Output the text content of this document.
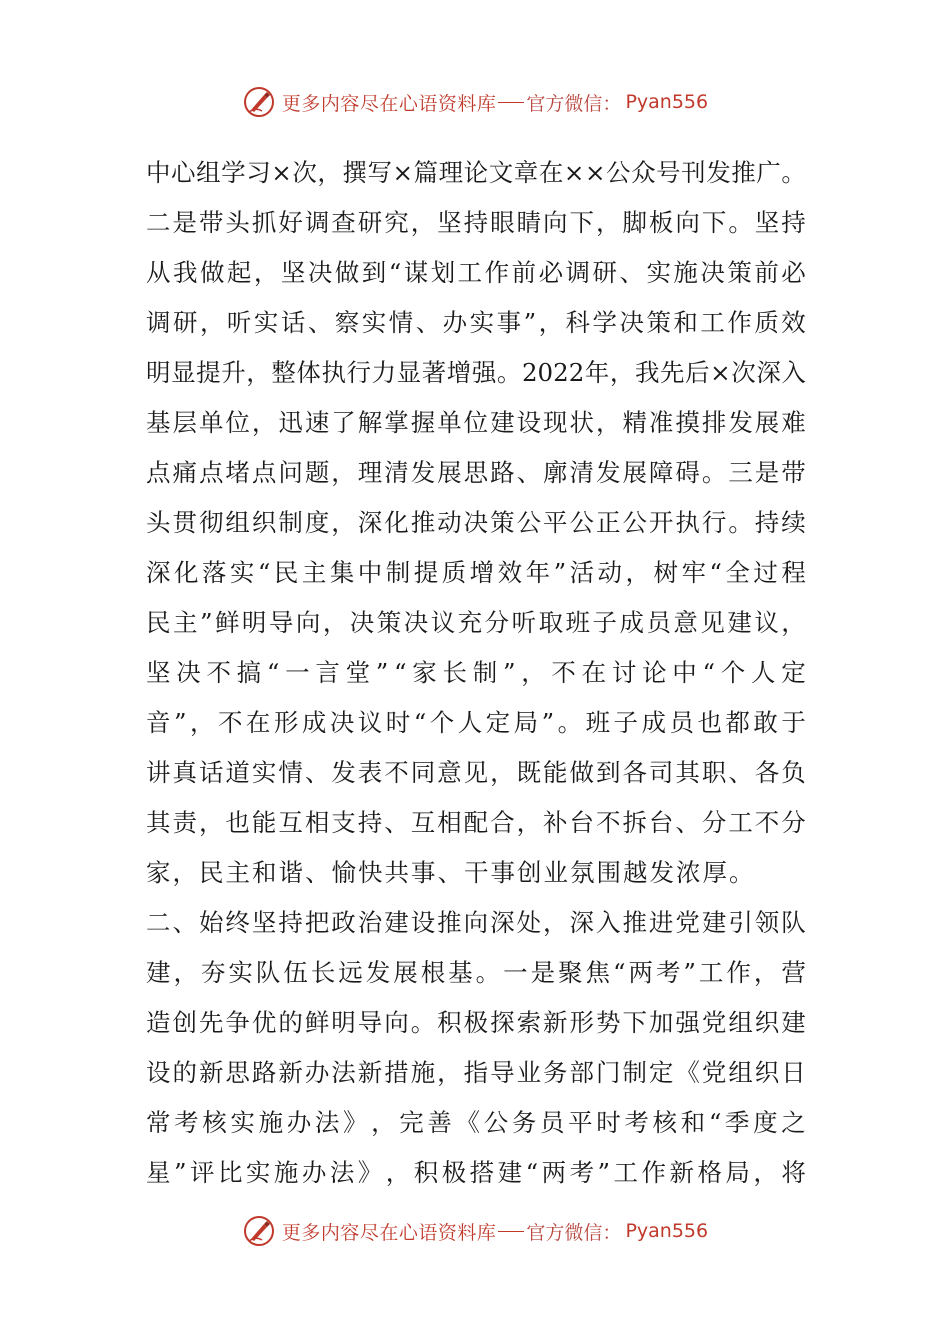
更多内容尽在心语资料库 官方微信： Pyan556
中 心 组 学 习 × 次 ， 撰 写 × 篇 理 论 文 章 在 × × 公 众 号 刊 发 推 广 。
二 是 带 头 抓 好 调 查 研 究 ， 坚 持 眼 睛 向 下 ， 脚 板 向 下 。 坚 持
从 我 做 起 ， 坚 决 做 到 “ 谋 划 工 作 前 必 调 研 、 实 施 决 策 前 必
调 研 ， 听 实 话 、 察 实 情 、 办 实 事 ” ， 科 学 决 策 和 工 作 质 效
明 显 提 升 ， 整 体 执 行 力 显 著 增 强 。 2022 年 ， 我 先 后 × 次 深 入
基 层 单 位 ， 迅 速 了 解 掌 握 单 位 建 设 现 状 ， 精 准 摸 排 发 展 难
点 痛 点 堵 点 问 题 ， 理 清 发 展 思 路 、 廓 清 发 展 障 碍 。 三 是 带
头 贯 彻 组 织 制 度 ， 深 化 推 动 决 策 公 平 公 正 公 开 执 行 。 持 续
深 化 落 实 “ 民 主 集 中 制 提 质 增 效 年 ” 活 动 ， 树 牢 “ 全 过 程
民 主 ” 鲜 明 导 向 ， 决 策 决 议 充 分 听 取 班 子 成 员 意 见 建 议 ，
坚 决 不 搞 “ 一 言 堂 ” “ 家 长 制 ” ， 不 在 讨 论 中 “ 个 人 定
音 ” ， 不 在 形 成 决 议 时 “ 个 人 定 局 ” 。 班 子 成 员 也 都 敢 于
讲 真 话 道 实 情 、 发 表 不 同 意 见 ， 既 能 做 到 各 司 其 职 、 各 负
其 责 ， 也 能 互 相 支 持 、 互 相 配 合 ， 补 台 不 拆 台 、 分 工 不 分
家，民主和谐、愉快共事、干事创业氛围越发浓厚。
二 、 始 终 坚 持 把 政 治 建 设 推 向 深 处 ， 深 入 推 进 党 建 引 领 队
建 ， 夯 实 队 伍 长 远 发 展 根 基 。 一 是 聚 焦 “ 两 考 ” 工 作 ， 营
造 创 先 争 优 的 鲜 明 导 向 。 积 极 探 索 新 形 势 下 加 强 党 组 织 建
设 的 新 思 路 新 办 法 新 措 施 ， 指 导 业 务 部 门 制 定 《 党 组 织 日
常 考 核 实 施 办 法 》 ， 完 善 《 公 务 员 平 时 考 核 和 “ 季 度 之
星 ” 评 比 实 施 办 法 》 ， 积 极 搭 建 “ 两 考 ” 工 作 新 格 局 ， 将
更多内容尽在心语资料库 官方微信： Pyan556
